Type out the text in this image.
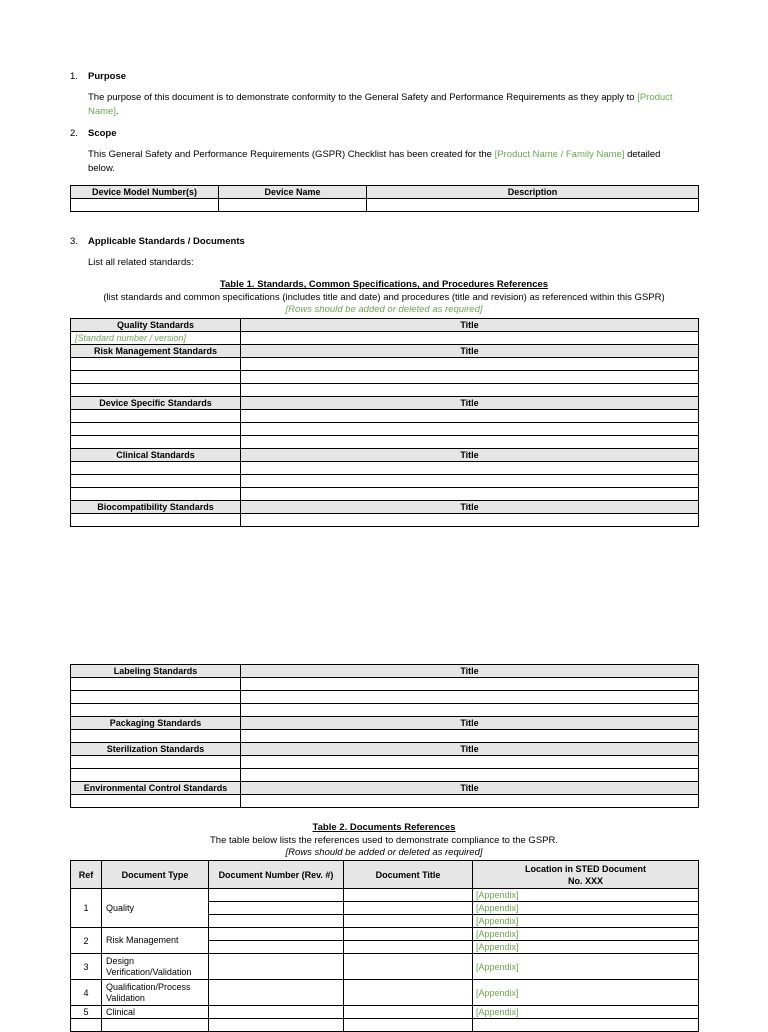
1. Purpose
The purpose of this document is to demonstrate conformity to the General Safety and Performance Requirements as they apply to [Product
Name].
2. Scope
This General Safety and Performance Requirements (GSPR) Checklist has been created for the [Product Name / Family Name] detailed
below.
Device Model Number(s)	Device Name	Description

3. Applicable Standards / Documents
List all related standards:
Table 1. Standards, Common Specifications, and Procedures References
(list standards and common specifications (includes title and date) and procedures (title and revision) as referenced within this GSPR)
[Rows should be added or deleted as required]
Quality Standards	Title
[Standard number / version]	
Risk Management Standards	Title

Device Specific Standards	Title

Clinical Standards	Title

Biocompatibility Standards	Title

Labeling Standards	Title

Packaging Standards	Title

Sterilization Standards	Title

Environmental Control Standards	Title

Table 2. Documents References
The table below lists the references used to demonstrate compliance to the GSPR.
[Rows should be added or deleted as required]
Ref	Document Type	Document Number (Rev. #)	Document Title	Location in STED Document
No. XXX

1	Quality			[Appendix]
				[Appendix]
				[Appendix]
2	Risk Management			[Appendix]
				[Appendix]
3	Design
Verification/Validation			[Appendix]
4	Qualification/Process
Validation			[Appendix]
5	Clinical			[Appendix]
